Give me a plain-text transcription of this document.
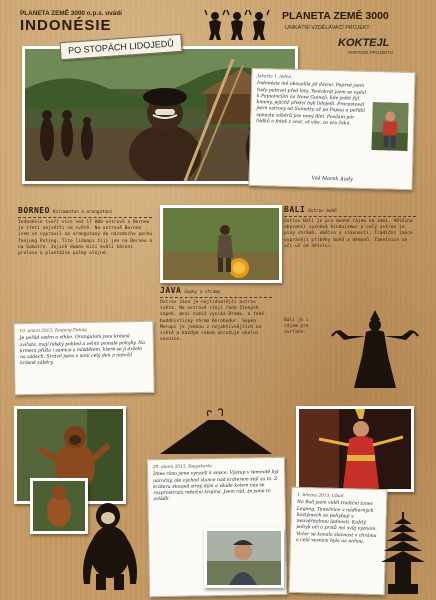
PLANETA ZEMĚ 3000 o.p.s. uvádí
INDONÉSIE
PLANETA ZEMĚ 3000
UNIKÁTNÍ VZDĚLÁVACÍ PROJEKT
KOKTEJL
PARTNER PROJEKTU
PO STOPÁCH LIDOJEDŮ
Jakarta 1. ledna
Indonésie mě okouzlila již dávno. Poprvé jsem tudy putoval před lety. Tentokrát jsem se vydal k Papuáncům na Nové Guineji, kde ještě žijí kmeny, jejichž předci byli lidojedi. Procestoval jsem ostrovy od Sumatry až po Papuu a pořídil spoustu záběrů pro nový film. Posílám pár řádků a fotek z cest, ať víte, co vás čeká.
Váš Marek Audy
BORNEO Kalimantan a orangutani
Indonésie tvoří více než 17 000 ostrovů a Borneo je třetí největší na světě. Na ostrově Borneo jsem se vypravil za orangutany do národního parku Tanjung Puting. Tito lidoopi žijí jen na Borneu a na Sumatře. Jejich domov mizí kvůli kácení pralesa a plantážím palmy olejné.
10. února 2013, Tanjung Puting
Je pořád vedro a vlhko. Orangutani jsou krásná zvířata, mají lidský pohled a velmi pomalé pohyby. Na krmení přišla i samice s mládětem, které se jí drželo na zádech. Strávil jsem s nimi celý den a natočil krásné záběry.
JÁVA Sopky a chrámy
Ostrov Jáva je nejlidnatější ostrov světa. Na ostrově stojí řada činných sopek, mezi nimiž vyniká Bromo, a také buddhistický chrám Borobudur. Sopka Merapi je jednou z nejaktivnějších na světě a každým rokem ohrožuje okolní vesnice.
BALI Ostrov bohů
Ostrov Bali je pro mnohé rájem na zemi. Většina obyvatel vyznává hinduismus a celý ostrov je plný chrámů, obětin a slavností. Tradiční tance vyprávějí příběhy bohů a démonů. Tanečnice se učí už od dětství.
Bali je i rájem pro surfaře.
20. února 2013, Yogyakarta
Dnes ráno jsme vyrazili k sopce. Výstup v temnotě byl náročný, ale východ slunce nad kráterem stál za to. Z kráteru stoupal sirný dým a všude kolem nás se rozprostírala měsíční krajina. Jsem rád, že jsme to zvládli.
1. března 2013, Ubud
Na Bali jsem viděl tradiční tanec Legong. Tanečnice v nádherných kostýmech se pohybují s neuvěřitelnou ladností. Každý pohyb očí a prstů má svůj význam. Večer se konala slavnost v chrámu a celá vesnice byla na nohou.
